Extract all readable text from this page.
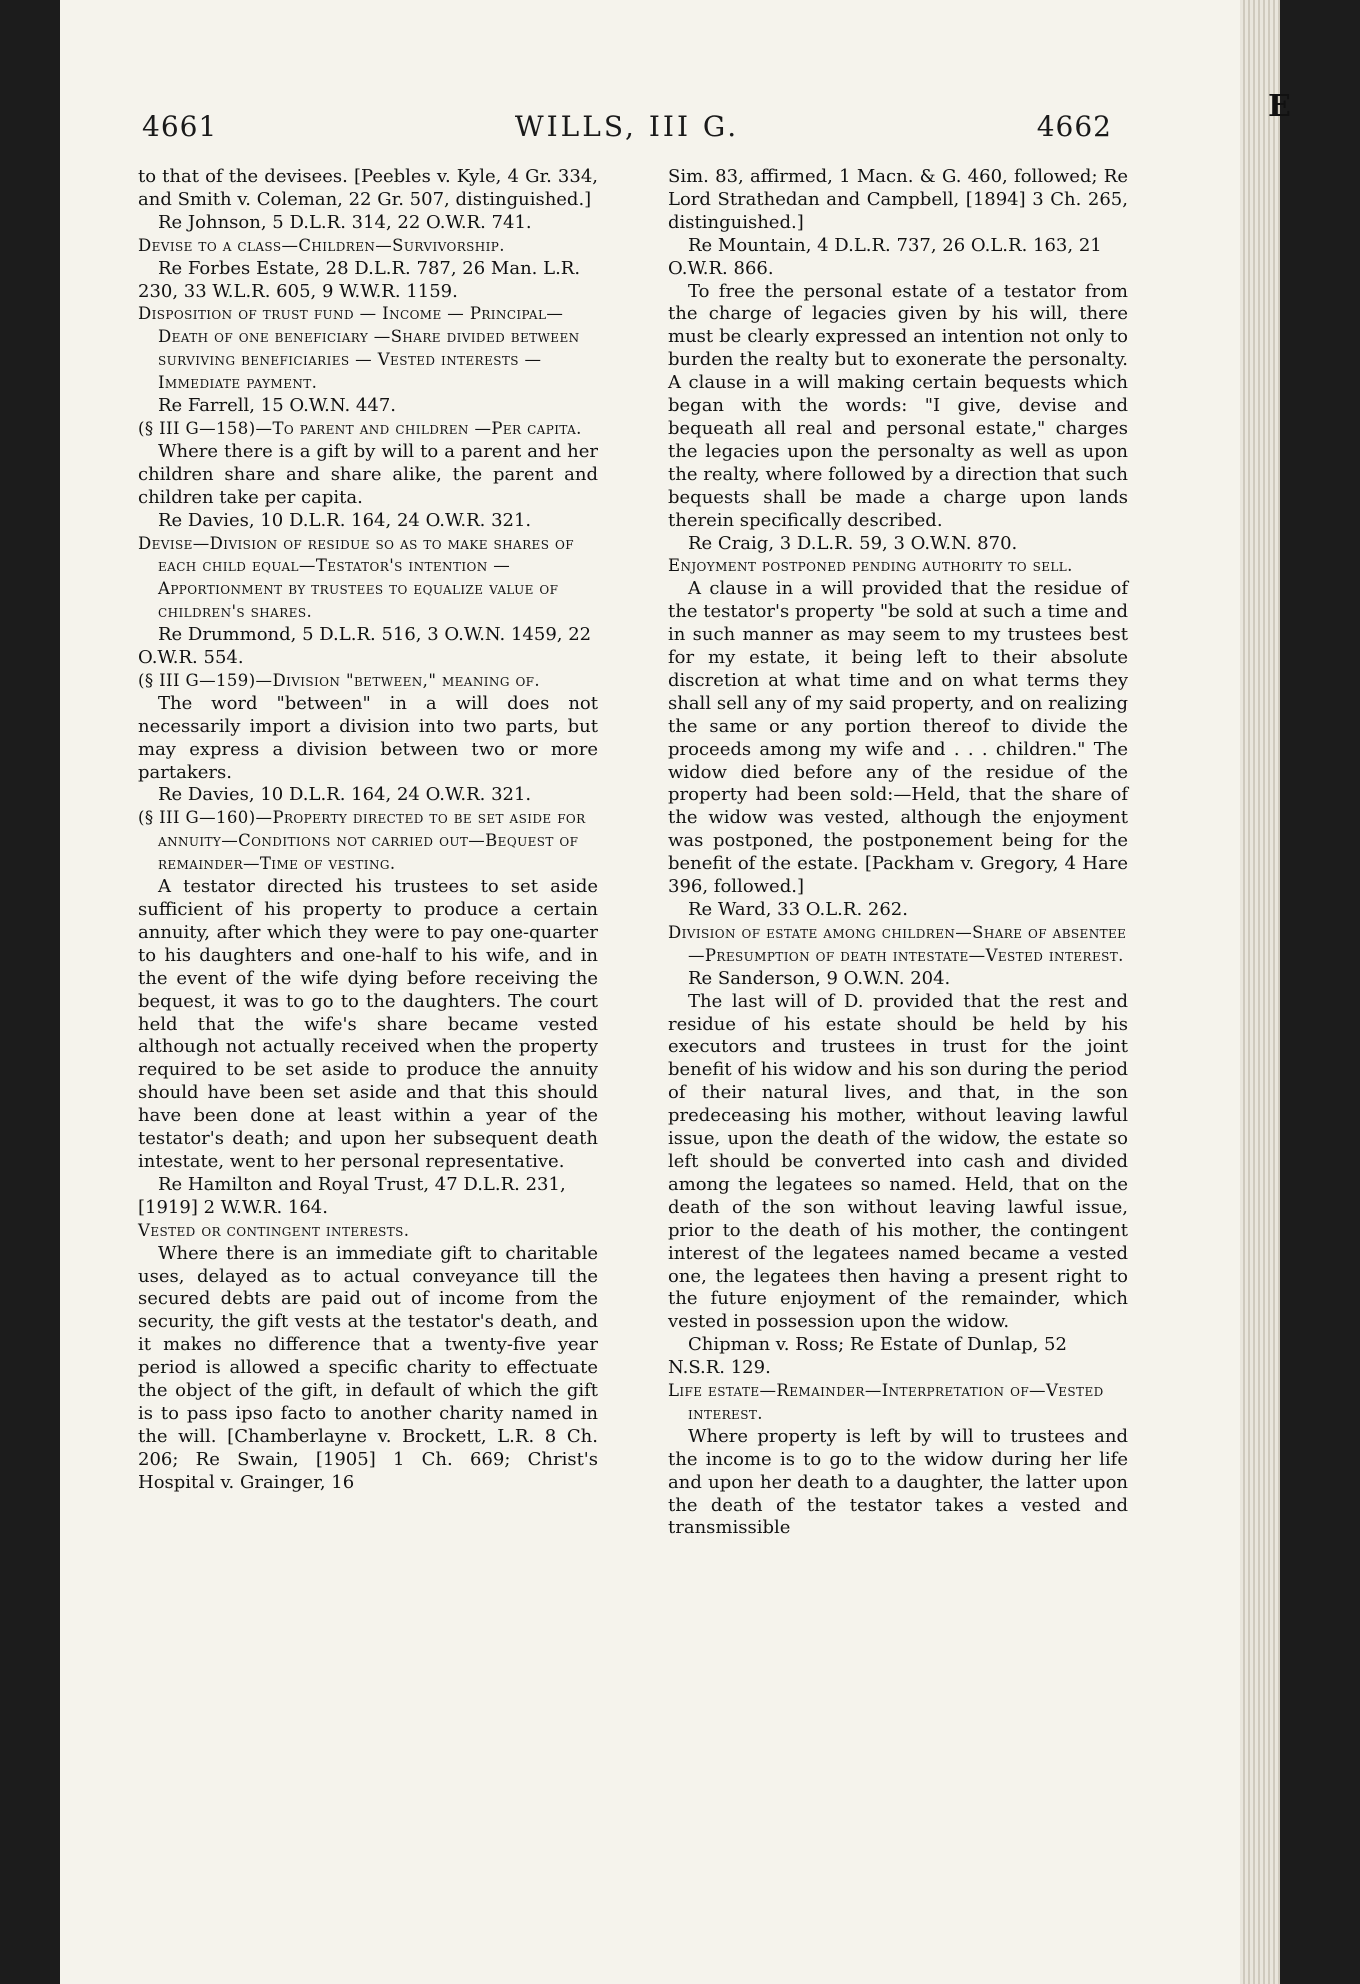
E
4661	WILLS, III G.	4662

to that of the devisees. [Peebles v. Kyle, 4 Gr. 334, and Smith v. Coleman, 22 Gr. 507, distinguished.]

Re Johnson, 5 D.L.R. 314, 22 O.W.R. 741.

Devise to a class—Children—Survivorship.

Re Forbes Estate, 28 D.L.R. 787, 26 Man. L.R. 230, 33 W.L.R. 605, 9 W.W.R. 1159.

Disposition of trust fund — Income — Principal—Death of one beneficiary —Share divided between surviving beneficiaries — Vested interests — Immediate payment.

Re Farrell, 15 O.W.N. 447.

(§ III G—158)—To parent and children —Per capita.

Where there is a gift by will to a parent and her children share and share alike, the parent and children take per capita.

Re Davies, 10 D.L.R. 164, 24 O.W.R. 321.

Devise—Division of residue so as to make shares of each child equal—Testator's intention — Apportionment by trustees to equalize value of children's shares.

Re Drummond, 5 D.L.R. 516, 3 O.W.N. 1459, 22 O.W.R. 554.

(§ III G—159)—Division "between," meaning of.

The word "between" in a will does not necessarily import a division into two parts, but may express a division between two or more partakers.

Re Davies, 10 D.L.R. 164, 24 O.W.R. 321.

(§ III G—160)—Property directed to be set aside for annuity—Conditions not carried out—Bequest of remainder—Time of vesting.

A testator directed his trustees to set aside sufficient of his property to produce a certain annuity, after which they were to pay one-quarter to his daughters and one-half to his wife, and in the event of the wife dying before receiving the bequest, it was to go to the daughters. The court held that the wife's share became vested although not actually received when the property required to be set aside to produce the annuity should have been set aside and that this should have been done at least within a year of the testator's death; and upon her subsequent death intestate, went to her personal representative.

Re Hamilton and Royal Trust, 47 D.L.R. 231, [1919] 2 W.W.R. 164.

Vested or contingent interests.

Where there is an immediate gift to charitable uses, delayed as to actual conveyance till the secured debts are paid out of income from the security, the gift vests at the testator's death, and it makes no difference that a twenty-five year period is allowed a specific charity to effectuate the object of the gift, in default of which the gift is to pass ipso facto to another charity named in the will. [Chamberlayne v. Brockett, L.R. 8 Ch. 206; Re Swain, [1905] 1 Ch. 669; Christ's Hospital v. Grainger, 16

Sim. 83, affirmed, 1 Macn. & G. 460, followed; Re Lord Strathedan and Campbell, [1894] 3 Ch. 265, distinguished.]

Re Mountain, 4 D.L.R. 737, 26 O.L.R. 163, 21 O.W.R. 866.

To free the personal estate of a testator from the charge of legacies given by his will, there must be clearly expressed an intention not only to burden the realty but to exonerate the personalty. A clause in a will making certain bequests which began with the words: "I give, devise and bequeath all real and personal estate," charges the legacies upon the personalty as well as upon the realty, where followed by a direction that such bequests shall be made a charge upon lands therein specifically described.

Re Craig, 3 D.L.R. 59, 3 O.W.N. 870.

Enjoyment postponed pending authority to sell.

A clause in a will provided that the residue of the testator's property "be sold at such a time and in such manner as may seem to my trustees best for my estate, it being left to their absolute discretion at what time and on what terms they shall sell any of my said property, and on realizing the same or any portion thereof to divide the proceeds among my wife and . . . children." The widow died before any of the residue of the property had been sold:—Held, that the share of the widow was vested, although the enjoyment was postponed, the postponement being for the benefit of the estate. [Packham v. Gregory, 4 Hare 396, followed.]

Re Ward, 33 O.L.R. 262.

Division of estate among children—Share of absentee—Presumption of death intestate—Vested interest.

Re Sanderson, 9 O.W.N. 204.

The last will of D. provided that the rest and residue of his estate should be held by his executors and trustees in trust for the joint benefit of his widow and his son during the period of their natural lives, and that, in the son predeceasing his mother, without leaving lawful issue, upon the death of the widow, the estate so left should be converted into cash and divided among the legatees so named. Held, that on the death of the son without leaving lawful issue, prior to the death of his mother, the contingent interest of the legatees named became a vested one, the legatees then having a present right to the future enjoyment of the remainder, which vested in possession upon the widow.

Chipman v. Ross; Re Estate of Dunlap, 52 N.S.R. 129.

Life estate—Remainder—Interpretation of—Vested interest.

Where property is left by will to trustees and the income is to go to the widow during her life and upon her death to a daughter, the latter upon the death of the testator takes a vested and transmissible
